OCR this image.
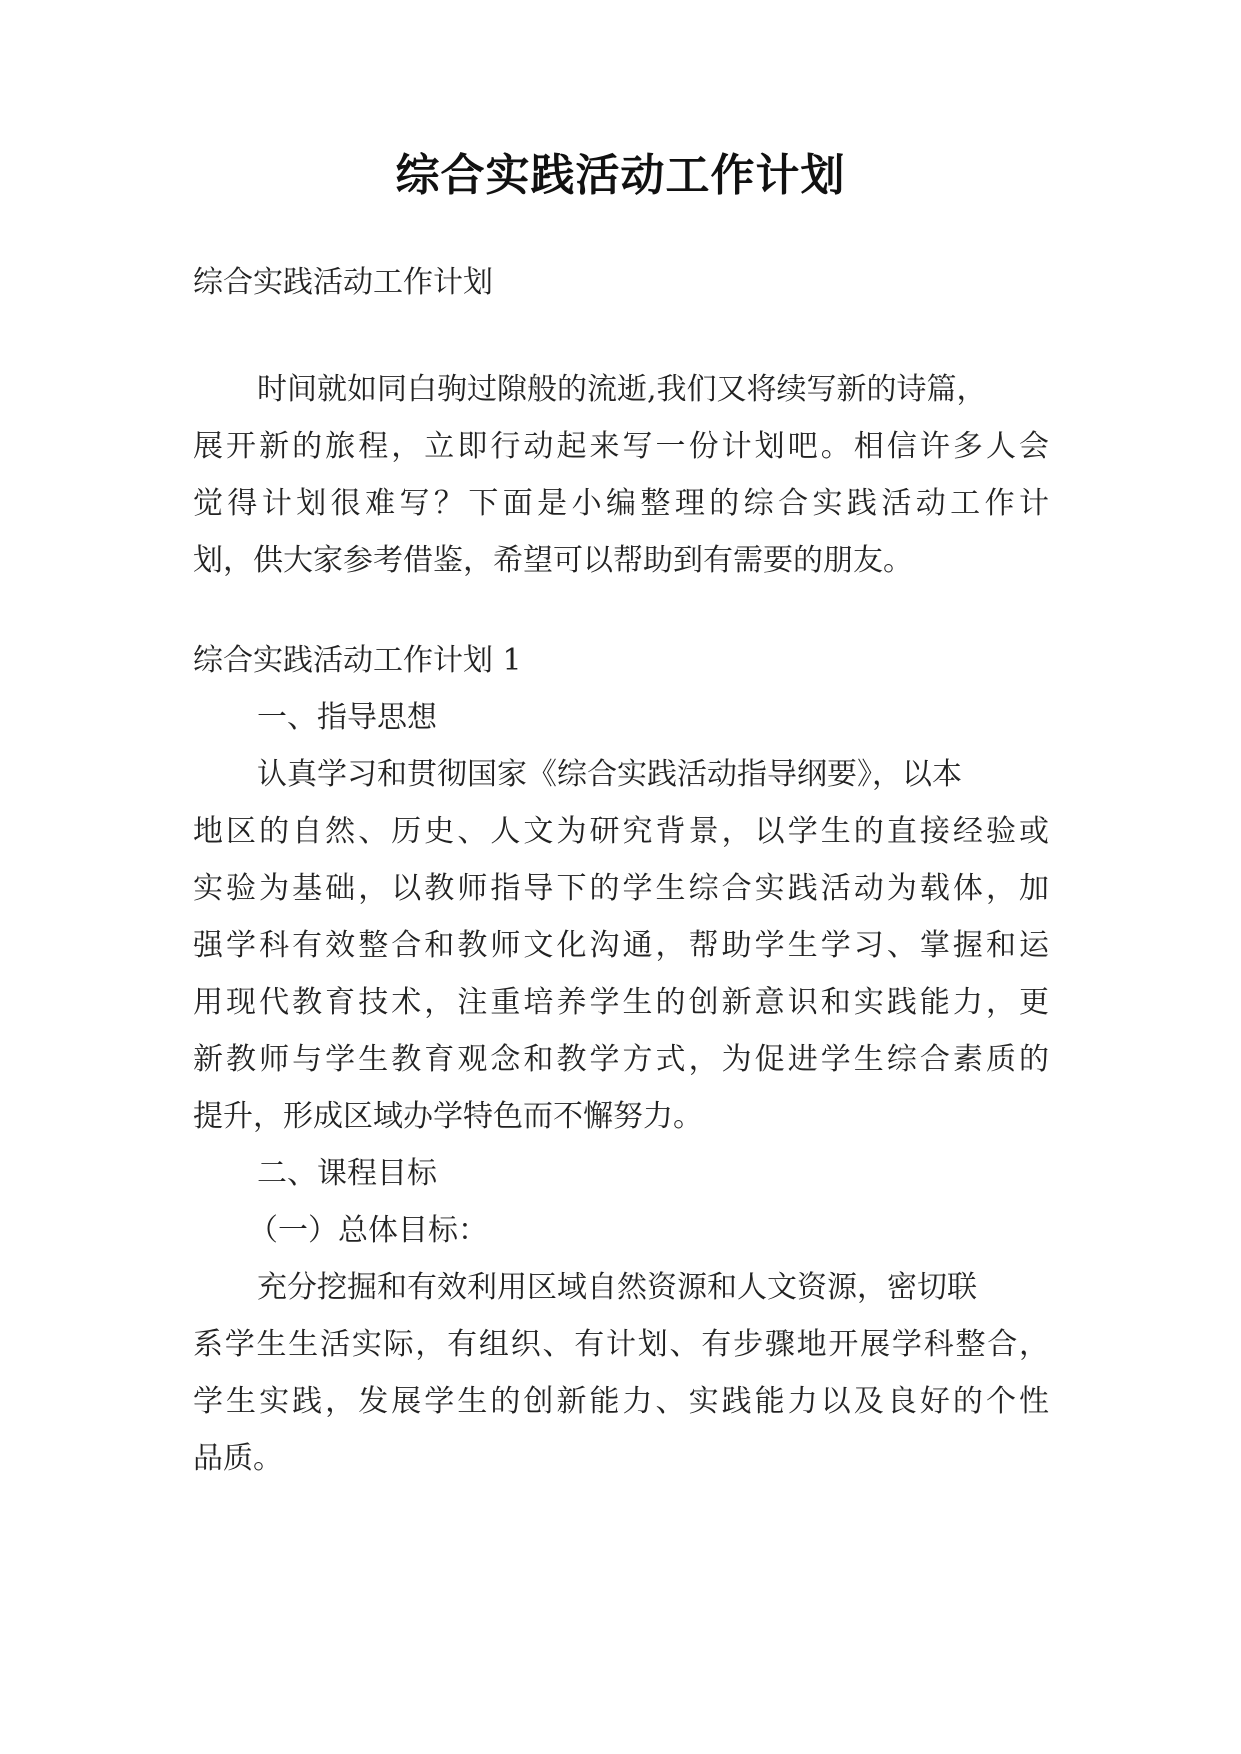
综合实践活动工作计划
综合实践活动工作计划
时间就如同白驹过隙般的流逝,我们又将续写新的诗篇，
展开新的旅程，立即行动起来写一份计划吧。相信许多人会
觉得计划很难写？下面是小编整理的综合实践活动工作计
划，供大家参考借鉴，希望可以帮助到有需要的朋友。
综合实践活动工作计划 1
一、指导思想
认真学习和贯彻国家《综合实践活动指导纲要》，以本
地区的自然、历史、人文为研究背景，以学生的直接经验或
实验为基础，以教师指导下的学生综合实践活动为载体，加
强学科有效整合和教师文化沟通，帮助学生学习、掌握和运
用现代教育技术，注重培养学生的创新意识和实践能力，更
新教师与学生教育观念和教学方式，为促进学生综合素质的
提升，形成区域办学特色而不懈努力。
二、课程目标
（一）总体目标：
充分挖掘和有效利用区域自然资源和人文资源，密切联
系学生生活实际，有组织、有计划、有步骤地开展学科整合，
学生实践，发展学生的创新能力、实践能力以及良好的个性
品质。
